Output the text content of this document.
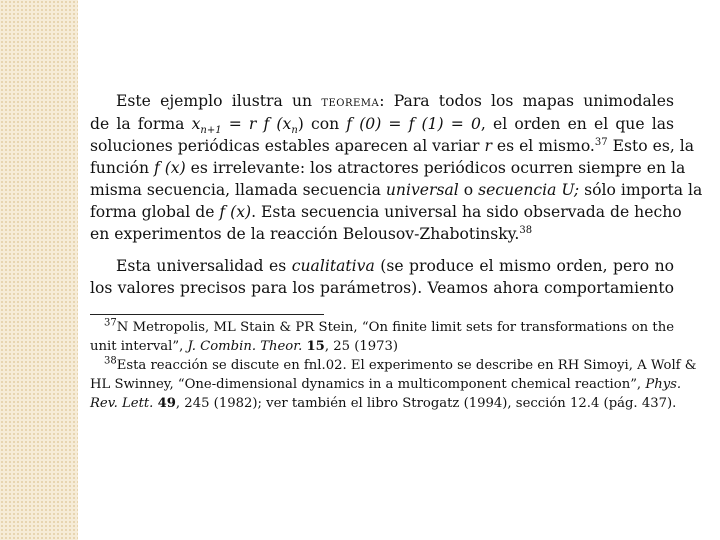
Este ejemplo ilustra un teorema: Para todos los mapas unimodales
de la forma $x_{n+1} = r$ f $(x_n)$ con f (0) = f (1) = 0, el orden en el que las
soluciones periódicas estables aparecen al variar r es el mismo.$^{37}$ Esto es, la
función f (x) es irrelevante: los atractores periódicos ocurren siempre en la
misma secuencia, llamada secuencia universal o secuencia U; sólo importa la
forma global de f (x). Esta secuencia universal ha sido observada de hecho
en experimentos de la reacción Belousov-Zhabotinsky.$^{38}$
Esta universalidad es cualitativa (se produce el mismo orden, pero no
los valores precisos para los parámetros). Veamos ahora comportamiento
$^{37}$N Metropolis, ML Stain & PR Stein, “On finite limit sets for transformations on the
unit interval”, J. Combin. Theor. 15, 25 (1973)
$^{38}$Esta reacción se discute en fnl.02. El experimento se describe en RH Simoyi, A Wolf &
HL Swinney, “One-dimensional dynamics in a multicomponent chemical reaction”, Phys.
Rev. Lett. 49, 245 (1982); ver también el libro Strogatz (1994), sección 12.4 (pág. 437).
